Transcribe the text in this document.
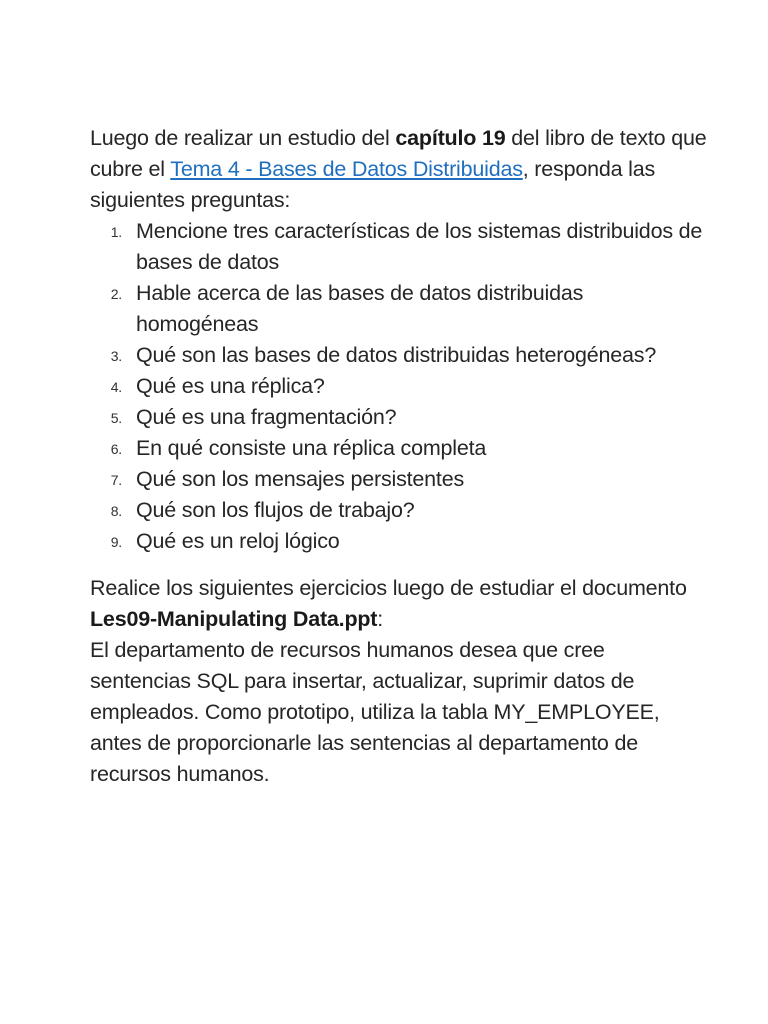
Luego de realizar un estudio del capítulo 19 del libro de texto que cubre el Tema 4 - Bases de Datos Distribuidas, responda las siguientes preguntas:

1. Mencione tres características de los sistemas distribuidos de bases de datos
2. Hable acerca de las bases de datos distribuidas homogéneas
3. Qué son las bases de datos distribuidas heterogéneas?
4. Qué es una réplica?
5. Qué es una fragmentación?
6. En qué consiste una réplica completa
7. Qué son los mensajes persistentes
8. Qué son los flujos de trabajo?
9. Qué es un reloj lógico

Realice los siguientes ejercicios luego de estudiar el documento Les09-Manipulating Data.ppt:

El departamento de recursos humanos desea que cree sentencias SQL para insertar, actualizar, suprimir datos de empleados. Como prototipo, utiliza la tabla MY_EMPLOYEE, antes de proporcionarle las sentencias al departamento de recursos humanos.
